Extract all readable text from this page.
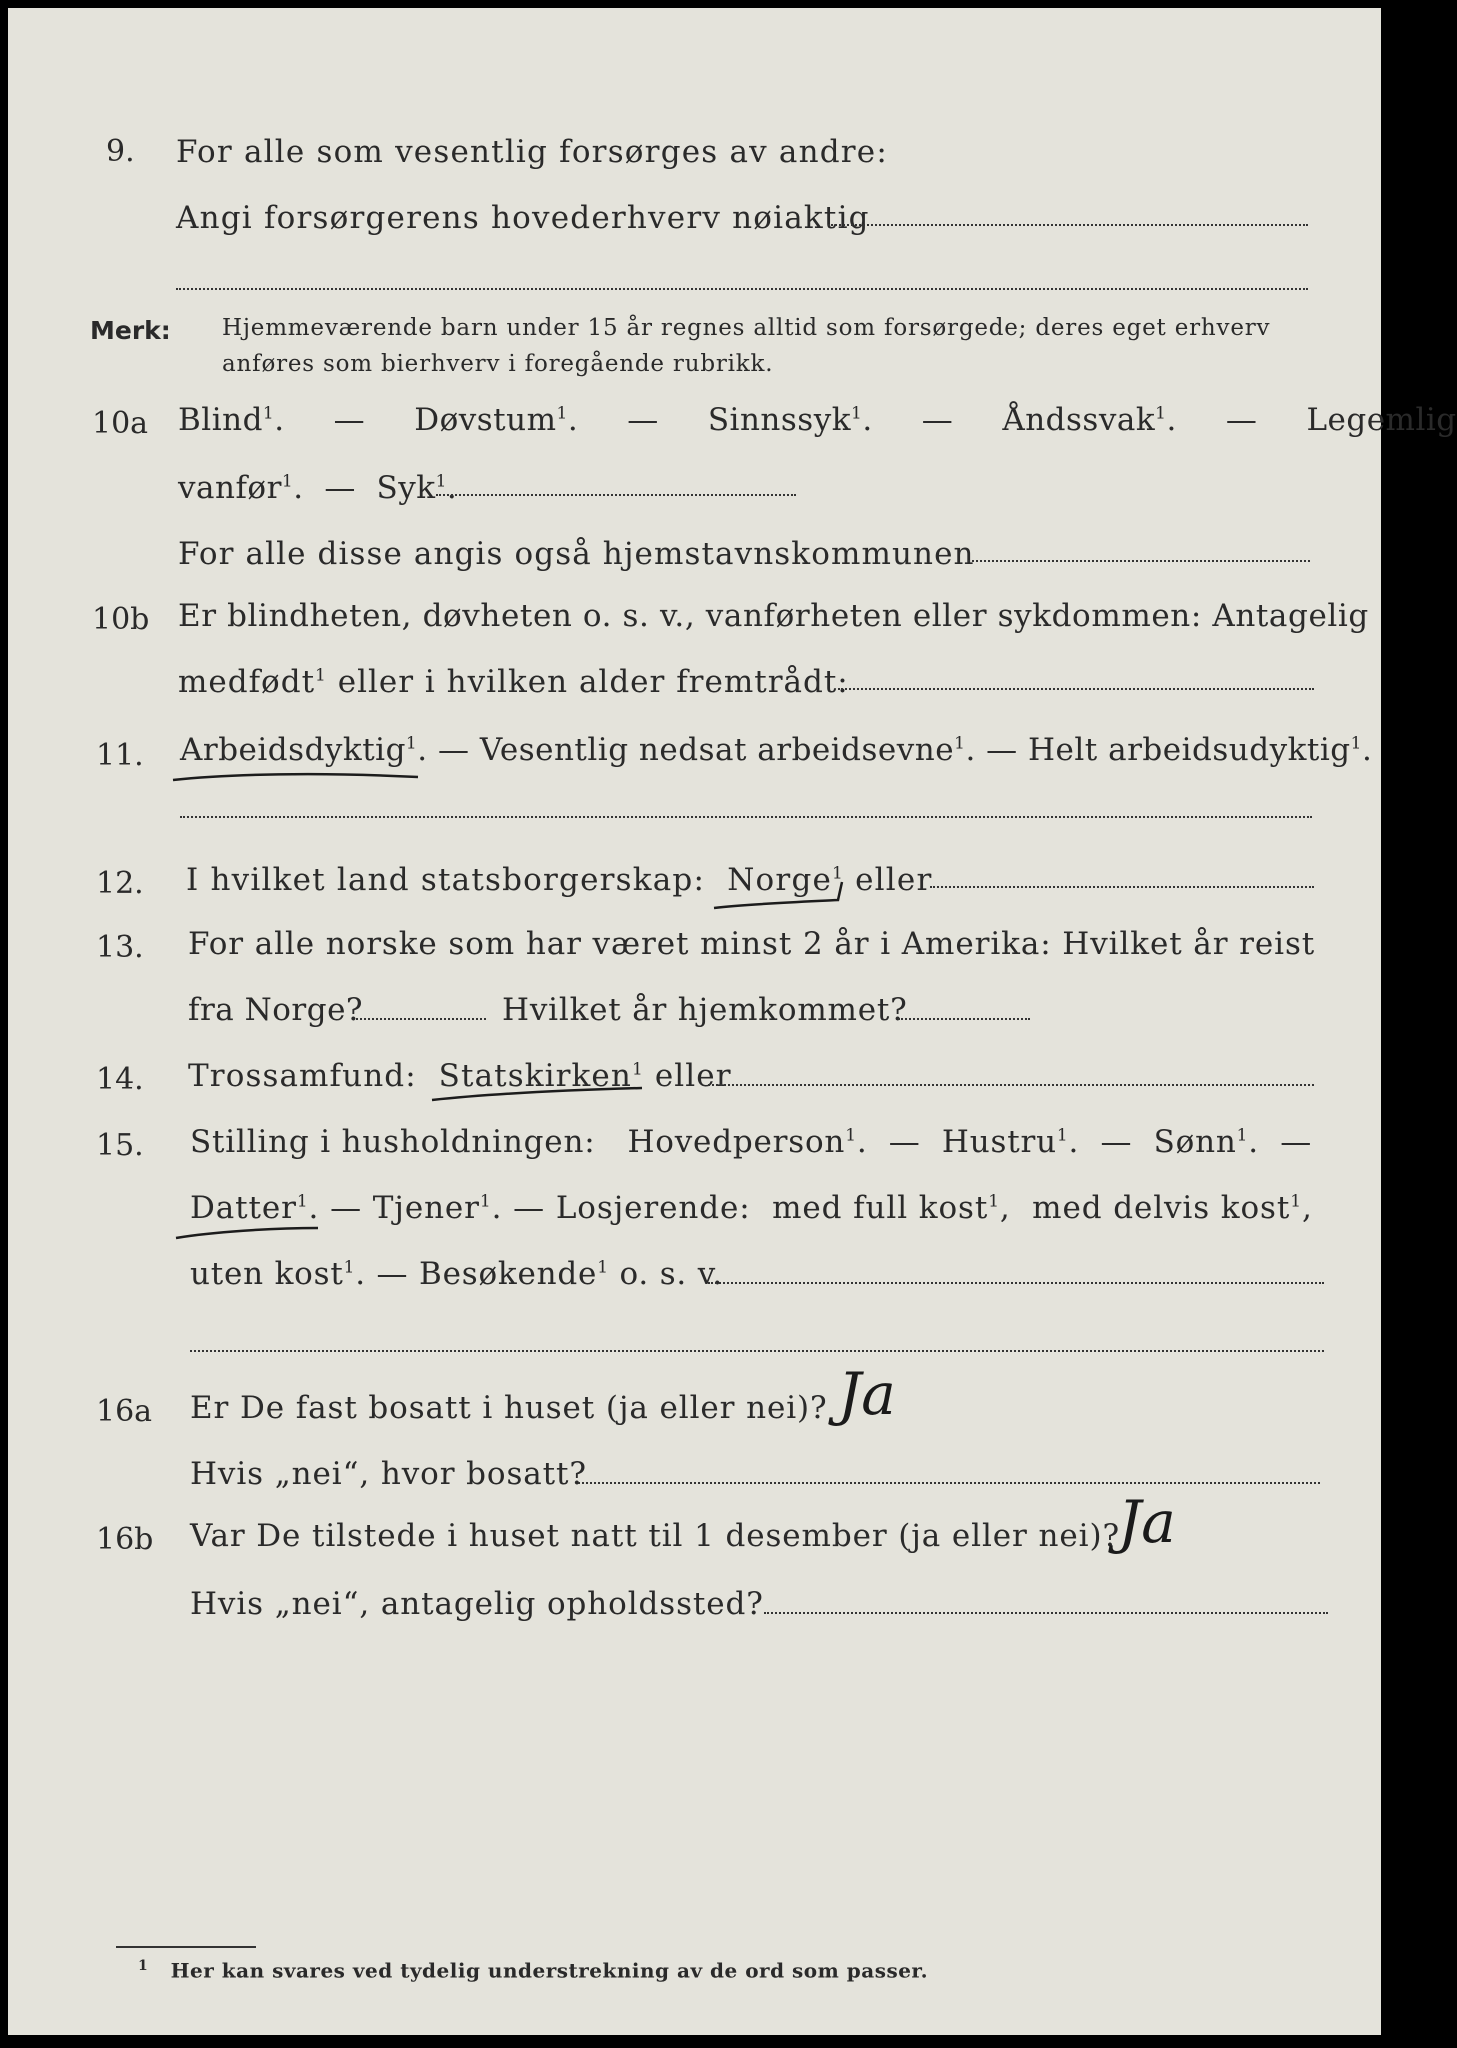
9. For alle som vesentlig forsørges av andre:
Angi forsørgerens hovederhverv nøiaktig
Merk: Hjemmeværende barn under 15 år regnes alltid som forsørgede; deres eget erhverv
anføres som bierhverv i foregående rubrikk.
10a Blind$^1$.   — Døvstum$^1$.   — Sinnssyk$^1$.   — Åndssvak$^1$.   — Legemlig
vanfør$^1$.  — Syk$^1$.
For alle disse angis også hjemstavnskommunen
10b Er blindheten, døvheten o. s. v., vanførheten eller sykdommen: Antagelig
medfødt$^1$ eller i hvilken alder fremtrådt:
11. Arbeidsdyktig$^1$. — Vesentlig nedsat arbeidsevne$^1$. — Helt arbeidsudyktig$^1$.
12. I hvilket land statsborgerskap: Norge$^1$ eller
13. For alle norske som har været minst 2 år i Amerika: Hvilket år reist
fra Norge?	Hvilket år hjemkommet?
14. Trossamfund: Statskirken$^1$ eller
15. Stilling i husholdningen: Hovedperson$^1$.  — Hustru$^1$.  — Sønn$^1$.  —
Datter$^1$. — Tjener$^1$. — Losjerende: med full kost$^1$,  med delvis kost$^1$,
uten kost$^1$. — Besøkende$^1$ o. s. v.
16a Er De fast bosatt i huset (ja eller nei)? Ja
Hvis „nei“, hvor bosatt?
16b Var De tilstede i huset natt til 1 desember (ja eller nei)?
Ja
Hvis „nei“, antagelig opholdssted?
$^1$ Her kan svares ved tydelig understrekning av de ord som passer.
